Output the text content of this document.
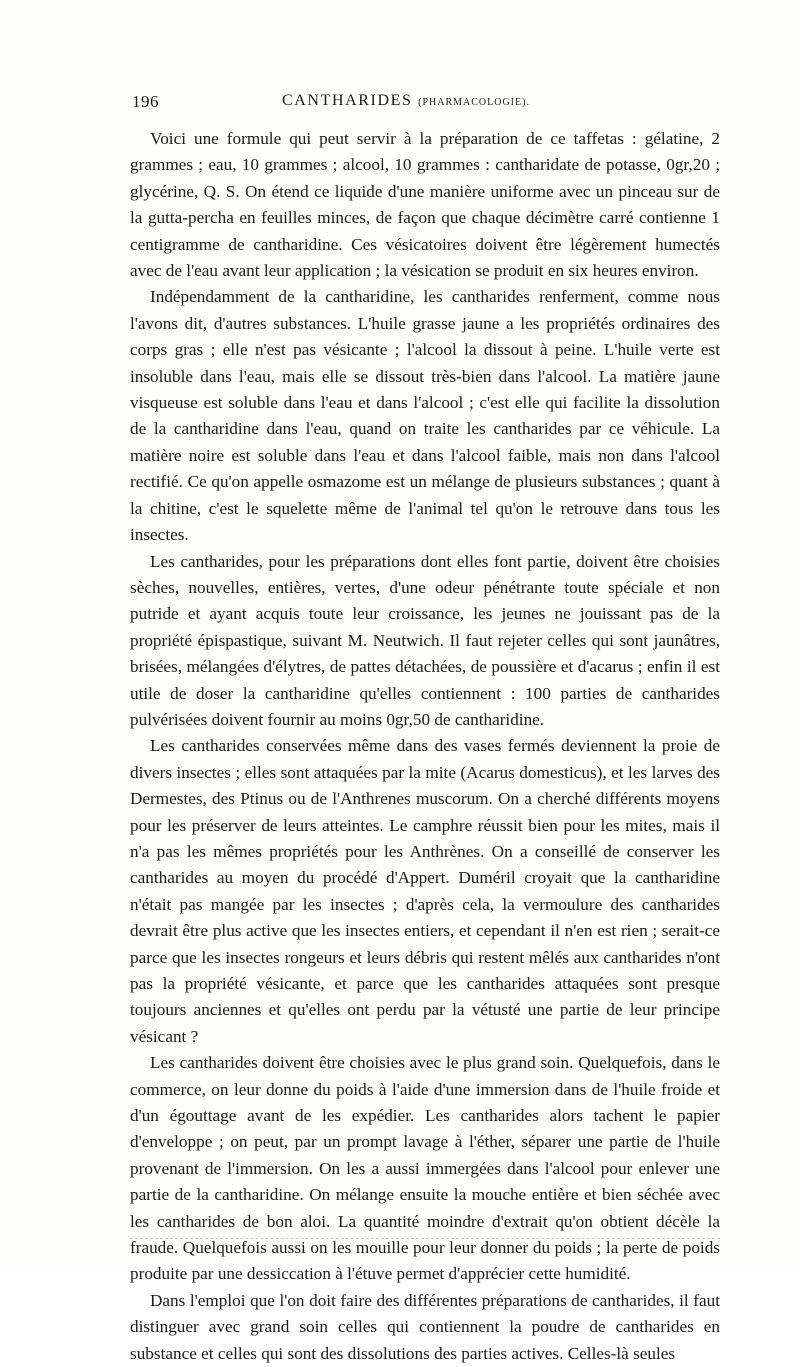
196	CANTHARIDES (PHARMACOLOGIE).

Voici une formule qui peut servir à la préparation de ce taffetas : gélatine, 2 grammes ; eau, 10 grammes ; alcool, 10 grammes : cantharidate de potasse, 0gr,20 ; glycérine, Q. S. On étend ce liquide d'une manière uniforme avec un pinceau sur de la gutta-percha en feuilles minces, de façon que chaque décimètre carré contienne 1 centigramme de cantharidine. Ces vésicatoires doivent être légèrement humectés avec de l'eau avant leur application ; la vésication se produit en six heures environ.

Indépendamment de la cantharidine, les cantharides renferment, comme nous l'avons dit, d'autres substances. L'huile grasse jaune a les propriétés ordinaires des corps gras ; elle n'est pas vésicante ; l'alcool la dissout à peine. L'huile verte est insoluble dans l'eau, mais elle se dissout très-bien dans l'alcool. La matière jaune visqueuse est soluble dans l'eau et dans l'alcool ; c'est elle qui facilite la dissolution de la cantharidine dans l'eau, quand on traite les cantharides par ce véhicule. La matière noire est soluble dans l'eau et dans l'alcool faible, mais non dans l'alcool rectifié. Ce qu'on appelle osmazome est un mélange de plusieurs substances ; quant à la chitine, c'est le squelette même de l'animal tel qu'on le retrouve dans tous les insectes.

Les cantharides, pour les préparations dont elles font partie, doivent être choisies sèches, nouvelles, entières, vertes, d'une odeur pénétrante toute spéciale et non putride et ayant acquis toute leur croissance, les jeunes ne jouissant pas de la propriété épispastique, suivant M. Neutwich. Il faut rejeter celles qui sont jaunâtres, brisées, mélangées d'élytres, de pattes détachées, de poussière et d'acarus ; enfin il est utile de doser la cantharidine qu'elles contiennent : 100 parties de cantharides pulvérisées doivent fournir au moins 0gr,50 de cantharidine.

Les cantharides conservées même dans des vases fermés deviennent la proie de divers insectes ; elles sont attaquées par la mite (Acarus domesticus), et les larves des Dermestes, des Ptinus ou de l'Anthrenes muscorum. On a cherché différents moyens pour les préserver de leurs atteintes. Le camphre réussit bien pour les mites, mais il n'a pas les mêmes propriétés pour les Anthrènes. On a conseillé de conserver les cantharides au moyen du procédé d'Appert. Duméril croyait que la cantharidine n'était pas mangée par les insectes ; d'après cela, la vermoulure des cantharides devrait être plus active que les insectes entiers, et cependant il n'en est rien ; serait-ce parce que les insectes rongeurs et leurs débris qui restent mêlés aux cantharides n'ont pas la propriété vésicante, et parce que les cantharides attaquées sont presque toujours anciennes et qu'elles ont perdu par la vétusté une partie de leur principe vésicant ?

Les cantharides doivent être choisies avec le plus grand soin. Quelquefois, dans le commerce, on leur donne du poids à l'aide d'une immersion dans de l'huile froide et d'un égouttage avant de les expédier. Les cantharides alors tachent le papier d'enveloppe ; on peut, par un prompt lavage à l'éther, séparer une partie de l'huile provenant de l'immersion. On les a aussi immergées dans l'alcool pour enlever une partie de la cantharidine. On mélange ensuite la mouche entière et bien séchée avec les cantharides de bon aloi. La quantité moindre d'extrait qu'on obtient décèle la fraude. Quelquefois aussi on les mouille pour leur donner du poids ; la perte de poids produite par une dessiccation à l'étuve permet d'apprécier cette humidité.

Dans l'emploi que l'on doit faire des différentes préparations de cantharides, il faut distinguer avec grand soin celles qui contiennent la poudre de cantharides en substance et celles qui sont des dissolutions des parties actives. Celles-là seules
